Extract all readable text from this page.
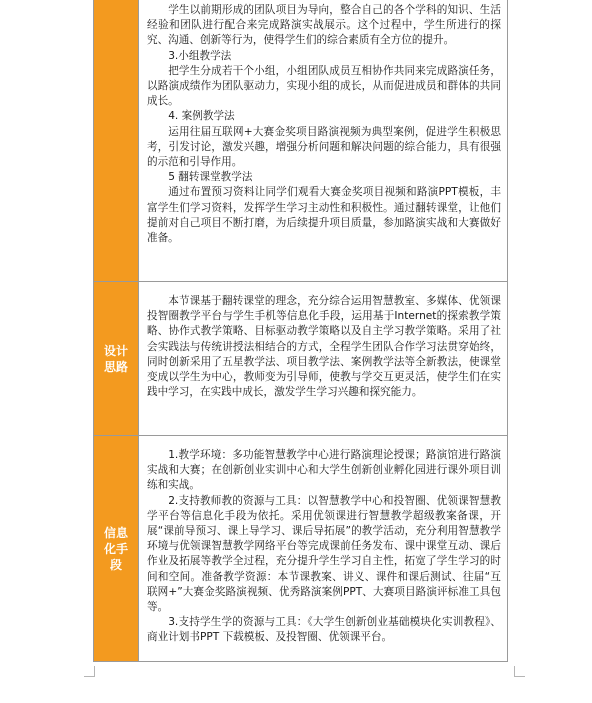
学生以前期形成的团队项目为导向，整合自己的各个学科的知识、生活经验和团队进行配合来完成路演实战展示。这个过程中，学生所进行的探究、沟通、创新等行为，使得学生们的综合素质有全方位的提升。

3.小组教学法

把学生分成若干个小组，小组团队成员互相协作共同来完成路演任务，以路演成绩作为团队驱动力，实现小组的成长，从而促进成员和群体的共同成长。

4. 案例教学法

运用往届互联网+大赛金奖项目路演视频为典型案例，促进学生积极思考，引发讨论，激发兴趣，增强分析问题和解决问题的综合能力，具有很强的示范和引导作用。

5 翻转课堂教学法

通过布置预习资料让同学们观看大赛金奖项目视频和路演PPT模板，丰富学生们学习资料，发挥学生学习主动性和积极性。通过翻转课堂，让他们提前对自己项目不断打磨，为后续提升项目质量，参加路演实战和大赛做好准备。

设计思路

本节课基于翻转课堂的理念，充分综合运用智慧教室、多媒体、优领课投智圈教学平台与学生手机等信息化手段，运用基于Internet的探索教学策略、协作式教学策略、目标驱动教学策略以及自主学习教学策略。采用了社会实践法与传统讲授法相结合的方式，全程学生团队合作学习法贯穿始终，同时创新采用了五星教学法、项目教学法、案例教学法等全新教法，使课堂变成以学生为中心，教师变为引导师，使教与学交互更灵活，使学生们在实践中学习，在实践中成长，激发学生学习兴趣和探究能力。

信息化手段

1.教学环境：多功能智慧教学中心进行路演理论授课；路演馆进行路演实战和大赛；在创新创业实训中心和大学生创新创业孵化园进行课外项目训练和实战。

2.支持教师教的资源与工具：以智慧教学中心和投智圈、优领课智慧教学平台等信息化手段为依托。采用优领课进行智慧教学超级教案备课，开展“课前导预习、课上导学习、课后导拓展”的教学活动，充分利用智慧教学环境与优领课智慧教学网络平台等完成课前任务发布、课中课堂互动、课后作业及拓展等教学全过程，充分提升学生学习自主性，拓宽了学生学习的时间和空间。准备教学资源：本节课教案、讲义、课件和课后测试、往届“互联网+”大赛金奖路演视频、优秀路演案例PPT、大赛项目路演评标准工具包等。

3.支持学生学的资源与工具：《大学生创新创业基础模块化实训教程》、商业计划书PPT 下载模板、及投智圈、优领课平台。
